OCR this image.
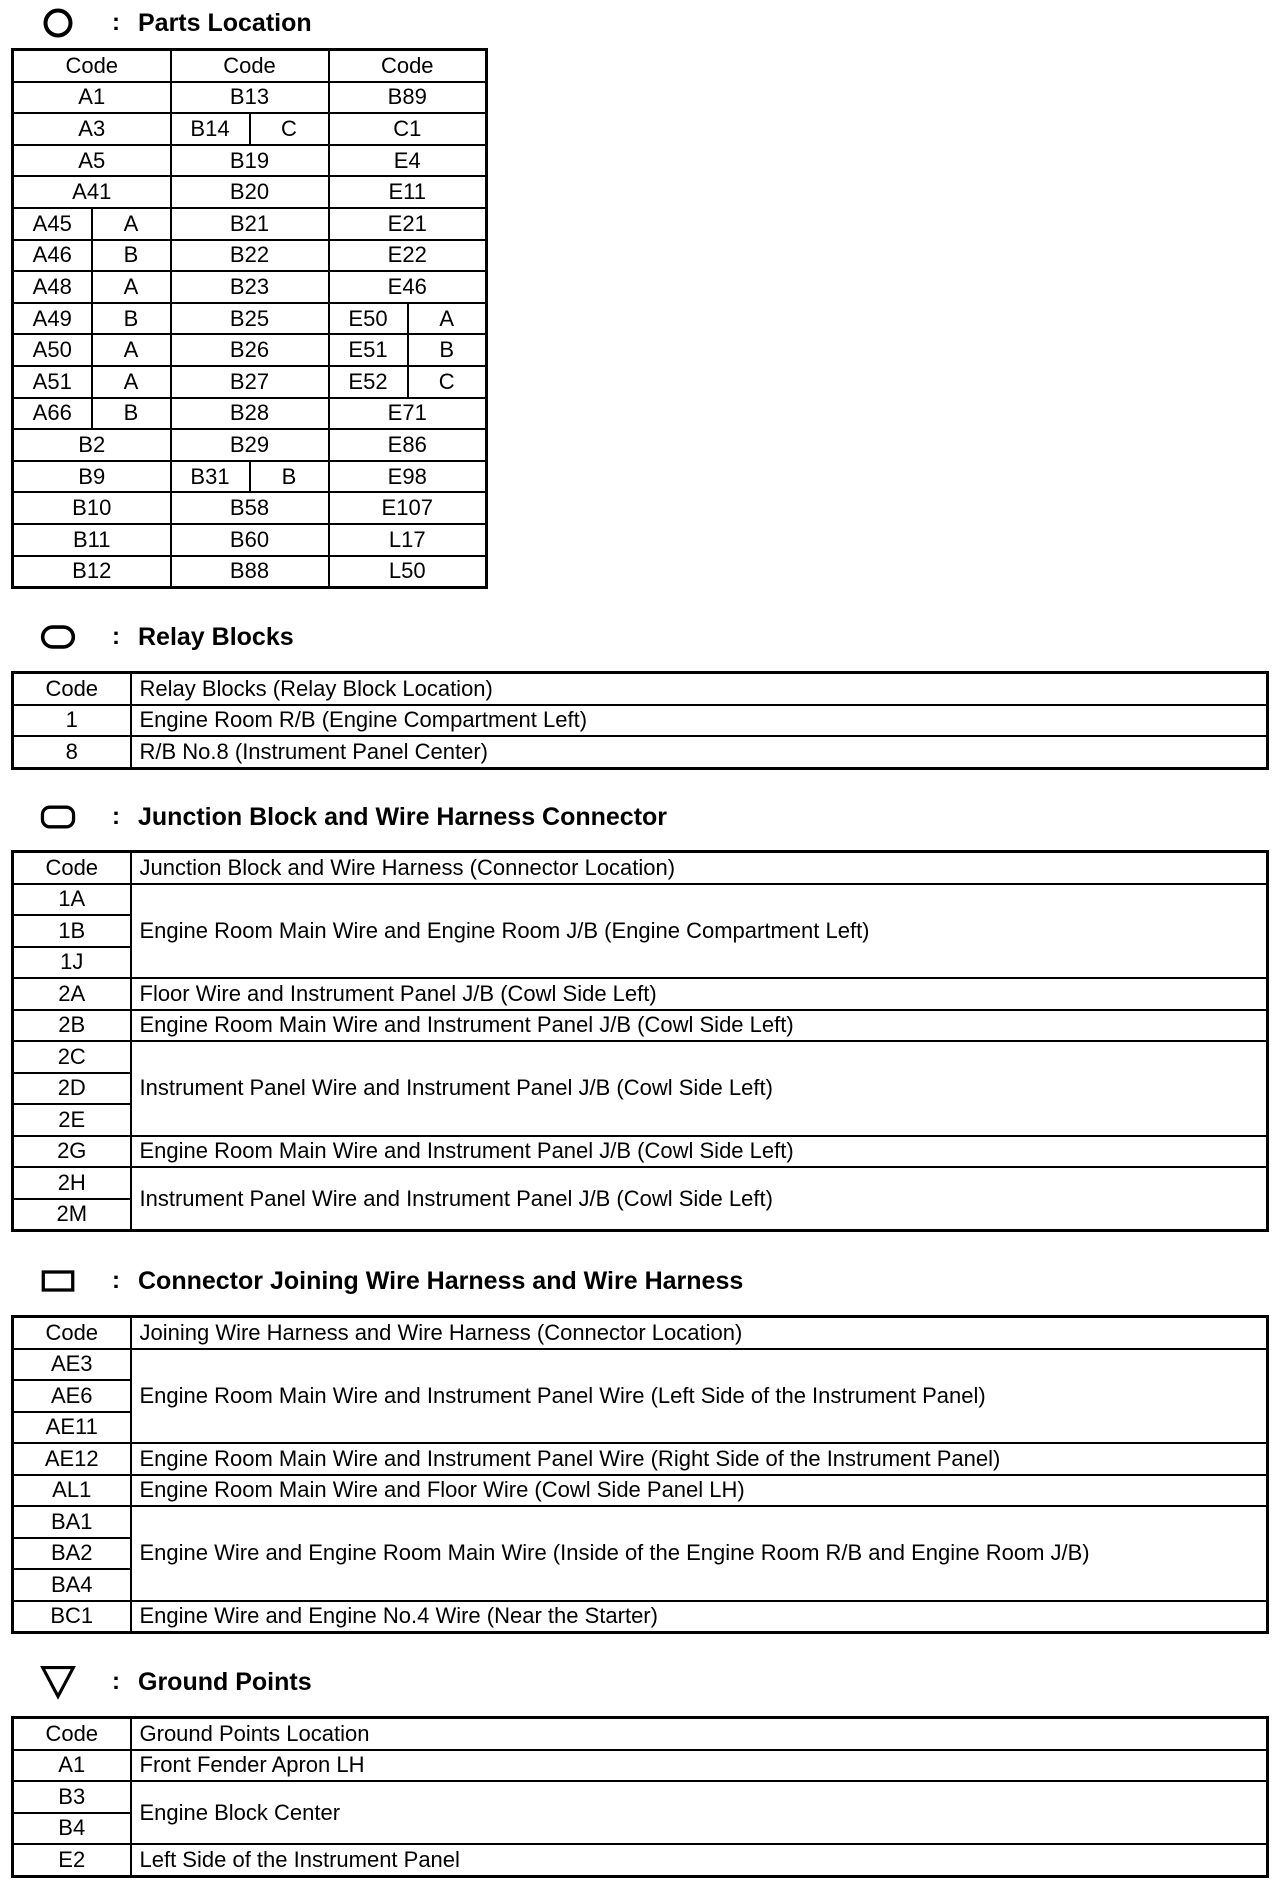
: Parts Location
Code		Code		Code	
A1		B13		B89	
A3		B14	C	C1	
A5		B19		E4	
A41		B20		E11	
A45	A	B21		E21	
A46	B	B22		E22	
A48	A	B23		E46	
A49	B	B25		E50	A
A50	A	B26		E51	B
A51	A	B27		E52	C
A66	B	B28		E71	
B2		B29		E86	
B9		B31	B	E98	
B10		B58		E107	
B11		B60		L17	
B12		B88		L50	
: Relay Blocks
Code	Relay Blocks (Relay Block Location)
1	Engine Room R/B (Engine Compartment Left)
8	R/B No.8 (Instrument Panel Center)
: Junction Block and Wire Harness Connector
Code	Junction Block and Wire Harness (Connector Location)
1A	Engine Room Main Wire and Engine Room J/B (Engine Compartment Left)
1B	
1J	
2A	Floor Wire and Instrument Panel J/B (Cowl Side Left)
2B	Engine Room Main Wire and Instrument Panel J/B (Cowl Side Left)
2C	Instrument Panel Wire and Instrument Panel J/B (Cowl Side Left)
2D	
2E	
2G	Engine Room Main Wire and Instrument Panel J/B (Cowl Side Left)
2H	Instrument Panel Wire and Instrument Panel J/B (Cowl Side Left)
2M	
: Connector Joining Wire Harness and Wire Harness
Code	Joining Wire Harness and Wire Harness (Connector Location)
AE3	Engine Room Main Wire and Instrument Panel Wire (Left Side of the Instrument Panel)
AE6	
AE11	
AE12	Engine Room Main Wire and Instrument Panel Wire (Right Side of the Instrument Panel)
AL1	Engine Room Main Wire and Floor Wire (Cowl Side Panel LH)
BA1	Engine Wire and Engine Room Main Wire (Inside of the Engine Room R/B and Engine Room J/B)
BA2	
BA4	
BC1	Engine Wire and Engine No.4 Wire (Near the Starter)
: Ground Points
Code	Ground Points Location
A1	Front Fender Apron LH
B3	Engine Block Center
B4	
E2	Left Side of the Instrument Panel
